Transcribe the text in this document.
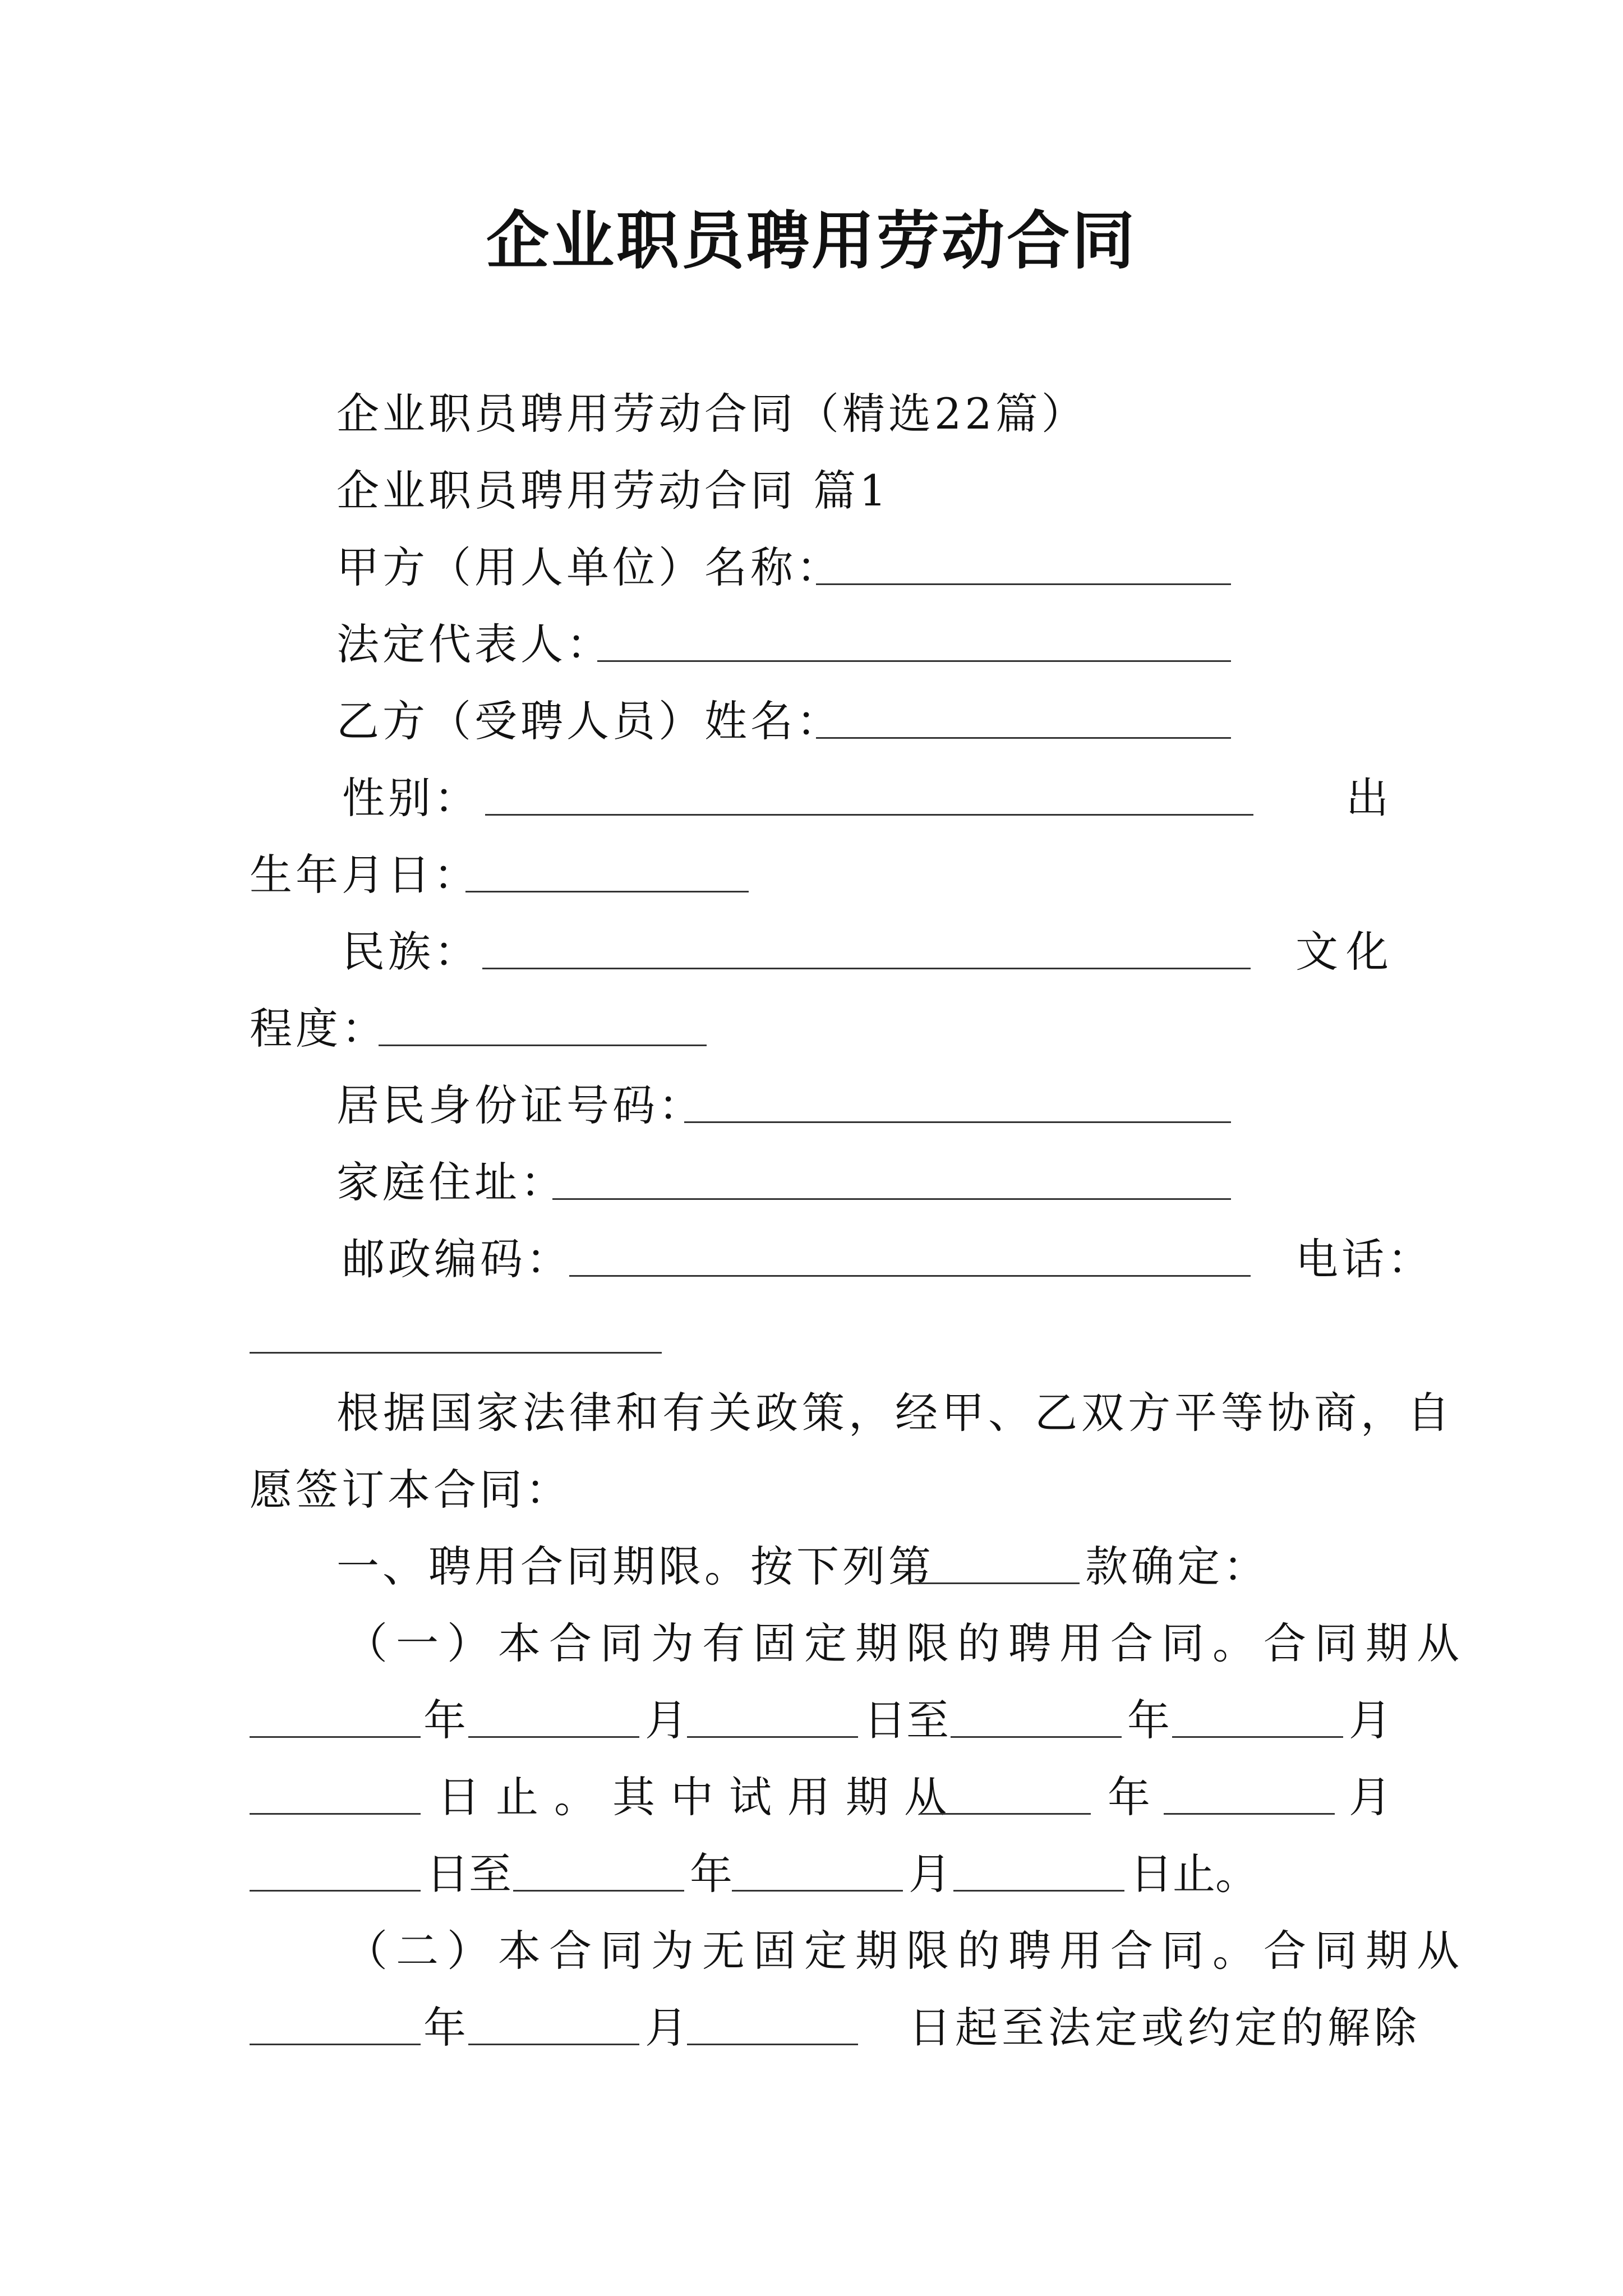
企业职员聘用劳动合同
企业职员聘用劳动合同（精选22篇）
企业职员聘用劳动合同 篇1
甲方（用人单位）名称：
法定代表人：
乙方（受聘人员）姓名：
性别：	出
生年月日：
民族：	文化
程度：
居民身份证号码：
家庭住址：
邮政编码：	电话：
根据国家法律和有关政策，经甲、乙双方平等协商，自
愿签订本合同：
一、聘用合同期限。按下列第	款确定：
（一）本合同为有固定期限的聘用合同。合同期从
年	月	日至	年	月
日止。其中试用期从	年	月
日至	年	月	日止。
（二）本合同为无固定期限的聘用合同。合同期从
年	月	日起至法定或约定的解除
